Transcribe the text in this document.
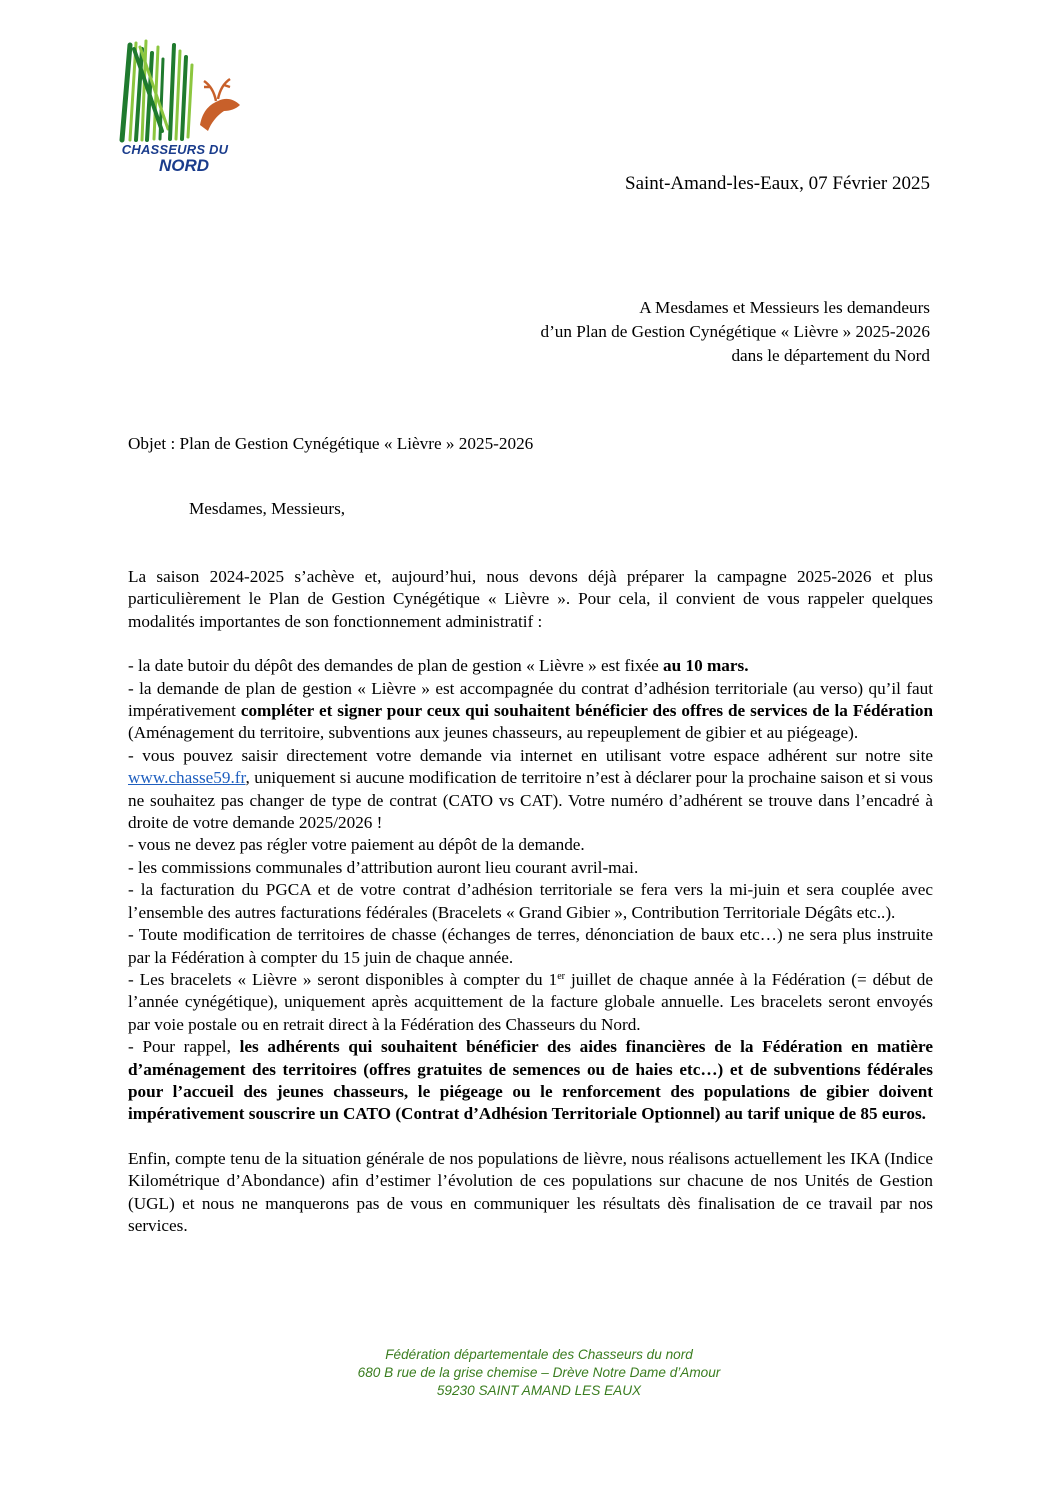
CHASSEURS DU
NORD
Saint-Amand-les-Eaux, 07 Février 2025
A Mesdames et Messieurs les demandeurs
d’un Plan de Gestion Cynégétique « Lièvre » 2025-2026
dans le département du Nord
Objet : Plan de Gestion Cynégétique « Lièvre » 2025-2026
Mesdames, Messieurs,

La saison 2024-2025 s’achève et, aujourd’hui, nous devons déjà préparer la campagne 2025-2026 et plus particulièrement le Plan de Gestion Cynégétique « Lièvre ». Pour cela, il convient de vous rappeler quelques modalités importantes de son fonctionnement administratif :

- la date butoir du dépôt des demandes de plan de gestion « Lièvre » est fixée au 10 mars.

- la demande de plan de gestion « Lièvre » est accompagnée du contrat d’adhésion territoriale (au verso) qu’il faut impérativement compléter et signer pour ceux qui souhaitent bénéficier des offres de services de la Fédération (Aménagement du territoire, subventions aux jeunes chasseurs, au repeuplement de gibier et au piégeage).

- vous pouvez saisir directement votre demande via internet en utilisant votre espace adhérent sur notre site www.chasse59.fr, uniquement si aucune modification de territoire n’est à déclarer pour la prochaine saison et si vous ne souhaitez pas changer de type de contrat (CATO vs CAT). Votre numéro d’adhérent se trouve dans l’encadré à droite de votre demande 2025/2026 !

- vous ne devez pas régler votre paiement au dépôt de la demande.

- les commissions communales d’attribution auront lieu courant avril-mai.

- la facturation du PGCA et de votre contrat d’adhésion territoriale se fera vers la mi-juin et sera couplée avec l’ensemble des autres facturations fédérales (Bracelets « Grand Gibier », Contribution Territoriale Dégâts etc..).

- Toute modification de territoires de chasse (échanges de terres, dénonciation de baux etc…) ne sera plus instruite par la Fédération à compter du 15 juin de chaque année.

- Les bracelets « Lièvre » seront disponibles à compter du 1er juillet de chaque année à la Fédération (= début de l’année cynégétique), uniquement après acquittement de la facture globale annuelle. Les bracelets seront envoyés par voie postale ou en retrait direct à la Fédération des Chasseurs du Nord.

- Pour rappel, les adhérents qui souhaitent bénéficier des aides financières de la Fédération en matière d’aménagement des territoires (offres gratuites de semences ou de haies etc…) et de subventions fédérales pour l’accueil des jeunes chasseurs, le piégeage ou le renforcement des populations de gibier doivent impérativement souscrire un CATO (Contrat d’Adhésion Territoriale Optionnel) au tarif unique de 85 euros.

Enfin, compte tenu de la situation générale de nos populations de lièvre, nous réalisons actuellement les IKA (Indice Kilométrique d’Abondance) afin d’estimer l’évolution de ces populations sur chacune de nos Unités de Gestion (UGL) et nous ne manquerons pas de vous en communiquer les résultats dès finalisation de ce travail par nos services.

Fédération départementale des Chasseurs du nord
680 B rue de la grise chemise – Drève Notre Dame d’Amour
59230 SAINT AMAND LES EAUX
